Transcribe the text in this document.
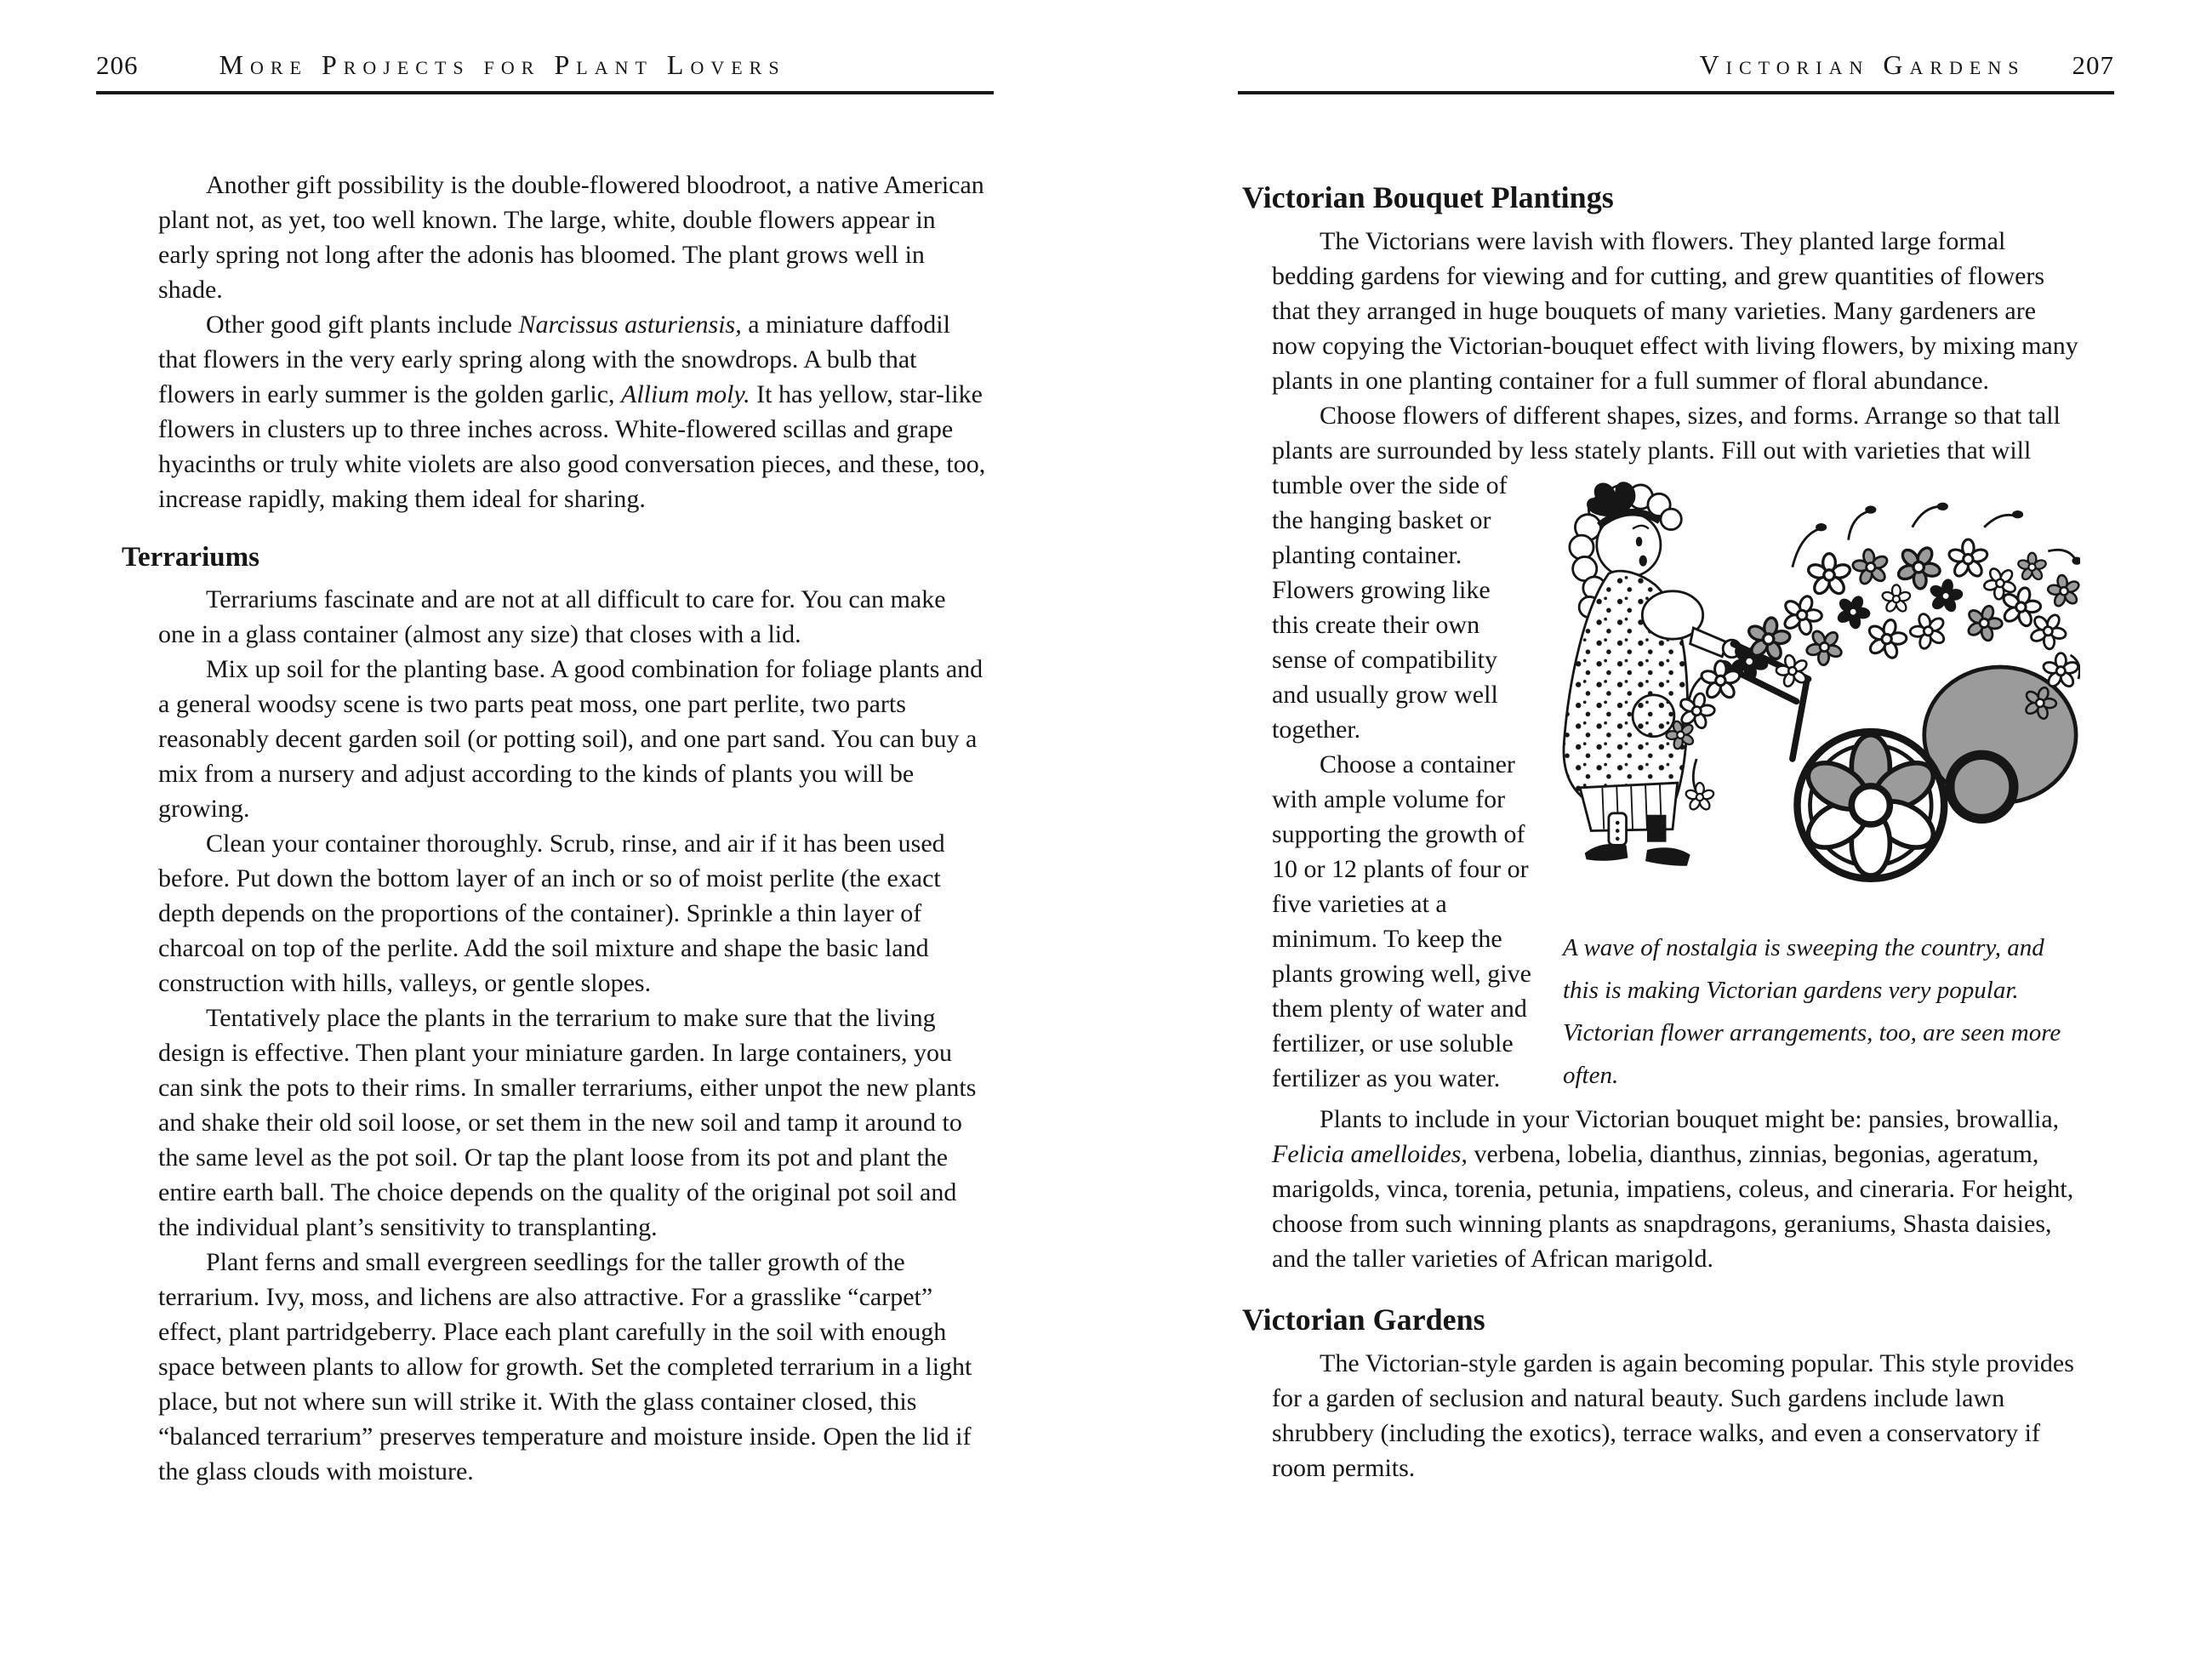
206	More Projects for Plant Lovers
Another gift possibility is the double-flowered bloodroot, a native American plant not, as yet, too well known. The large, white, double flowers appear in early spring not long after the adonis has bloomed. The plant grows well in shade.
Other good gift plants include Narcissus asturiensis, a miniature daffodil that flowers in the very early spring along with the snowdrops. A bulb that flowers in early summer is the golden garlic, Allium moly. It has yellow, star-like flowers in clusters up to three inches across. White-flowered scillas and grape hyacinths or truly white violets are also good conversation pieces, and these, too, increase rapidly, making them ideal for sharing.
Terrariums
Terrariums fascinate and are not at all difficult to care for. You can make one in a glass container (almost any size) that closes with a lid.
Mix up soil for the planting base. A good combination for foliage plants and a general woodsy scene is two parts peat moss, one part perlite, two parts reasonably decent garden soil (or potting soil), and one part sand. You can buy a mix from a nursery and adjust according to the kinds of plants you will be growing.
Clean your container thoroughly. Scrub, rinse, and air if it has been used before. Put down the bottom layer of an inch or so of moist perlite (the exact depth depends on the proportions of the container). Sprinkle a thin layer of charcoal on top of the perlite. Add the soil mixture and shape the basic land construction with hills, valleys, or gentle slopes.
Tentatively place the plants in the terrarium to make sure that the living design is effective. Then plant your miniature garden. In large containers, you can sink the pots to their rims. In smaller terrariums, either unpot the new plants and shake their old soil loose, or set them in the new soil and tamp it around to the same level as the pot soil. Or tap the plant loose from its pot and plant the entire earth ball. The choice depends on the quality of the original pot soil and the individual plant’s sensitivity to transplanting.
Plant ferns and small evergreen seedlings for the taller growth of the terrarium. Ivy, moss, and lichens are also attractive. For a grasslike “carpet” effect, plant partridgeberry. Place each plant carefully in the soil with enough space between plants to allow for growth. Set the completed terrarium in a light place, but not where sun will strike it. With the glass container closed, this “balanced terrarium” preserves temperature and moisture inside. Open the lid if the glass clouds with moisture.
Victorian Gardens 207
Victorian Bouquet Plantings
The Victorians were lavish with flowers. They planted large formal bedding gardens for viewing and for cutting, and grew quantities of flowers that they arranged in huge bouquets of many varieties. Many gardeners are now copying the Victorian-bouquet effect with living flowers, by mixing many plants in one planting container for a full summer of floral abundance.
Choose flowers of different shapes, sizes, and forms. Arrange so that tall plants are surrounded by less stately plants. Fill out with varieties that will
A wave of nostalgia is sweeping the country, and this is making Victorian gardens very popular. Victorian flower arrangements, too, are seen more often.
tumble over the side of the hanging basket or planting container. Flowers growing like this create their own sense of compatibility and usually grow well together.
Choose a container with ample volume for supporting the growth of 10 or 12 plants of four or five varieties at a minimum. To keep the plants growing well, give them plenty of water and fertilizer, or use soluble fertilizer as you water.
Plants to include in your Victorian bouquet might be: pansies, browallia, Felicia amelloides, verbena, lobelia, dianthus, zinnias, begonias, ageratum, marigolds, vinca, torenia, petunia, impatiens, coleus, and cineraria. For height, choose from such winning plants as snapdragons, geraniums, Shasta daisies, and the taller varieties of African marigold.
Victorian Gardens
The Victorian-style garden is again becoming popular. This style provides for a garden of seclusion and natural beauty. Such gardens include lawn shrubbery (including the exotics), terrace walks, and even a conservatory if room permits.
